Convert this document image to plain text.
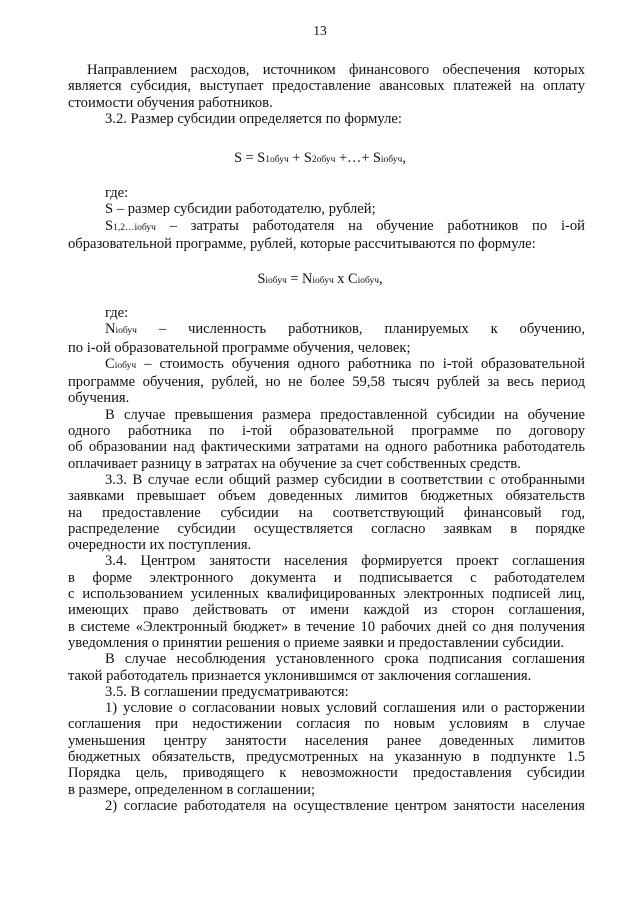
13

Направлением расходов, источником финансового обеспечения которых

является субсидия, выступает предоставление авансовых платежей на оплату

стоимости обучения работников.

3.2. Размер субсидии определяется по формуле:

S = S1обуч + S2обуч +…+ Siобуч,

где:

S – размер субсидии работодателю, рублей;

S1,2…iобуч – затраты работодателя на обучение работников по i-ой

образовательной программе, рублей, которые рассчитываются по формуле:

Siобуч = Niобуч x Ciобуч,

где:

Niобуч – численность работников, планируемых к обучению,

по i-ой образовательной программе обучения, человек;

Ciобуч – стоимость обучения одного работника по i-той образовательной

программе обучения, рублей, но не более 59,58 тысяч рублей за весь период

обучения.

В случае превышения размера предоставленной субсидии на обучение

одного работника по i-той образовательной программе по договору

об образовании над фактическими затратами на одного работника работодатель

оплачивает разницу в затратах на обучение за счет собственных средств.

3.3. В случае если общий размер субсидии в соответствии с отобранными

заявками превышает объем доведенных лимитов бюджетных обязательств

на предоставление субсидии на соответствующий финансовый год,

распределение субсидии осуществляется согласно заявкам в порядке

очередности их поступления.

3.4. Центром занятости населения формируется проект соглашения

в форме электронного документа и подписывается с работодателем

с использованием усиленных квалифицированных электронных подписей лиц,

имеющих право действовать от имени каждой из сторон соглашения,

в системе «Электронный бюджет» в течение 10 рабочих дней со дня получения

уведомления о принятии решения о приеме заявки и предоставлении субсидии.

В случае несоблюдения установленного срока подписания соглашения

такой работодатель признается уклонившимся от заключения соглашения.

3.5. В соглашении предусматриваются:

1) условие о согласовании новых условий соглашения или о расторжении

соглашения при недостижении согласия по новым условиям в случае

уменьшения центру занятости населения ранее доведенных лимитов

бюджетных обязательств, предусмотренных на указанную в подпункте 1.5

Порядка цель, приводящего к невозможности предоставления субсидии

в размере, определенном в соглашении;

2) согласие работодателя на осуществление центром занятости населения
